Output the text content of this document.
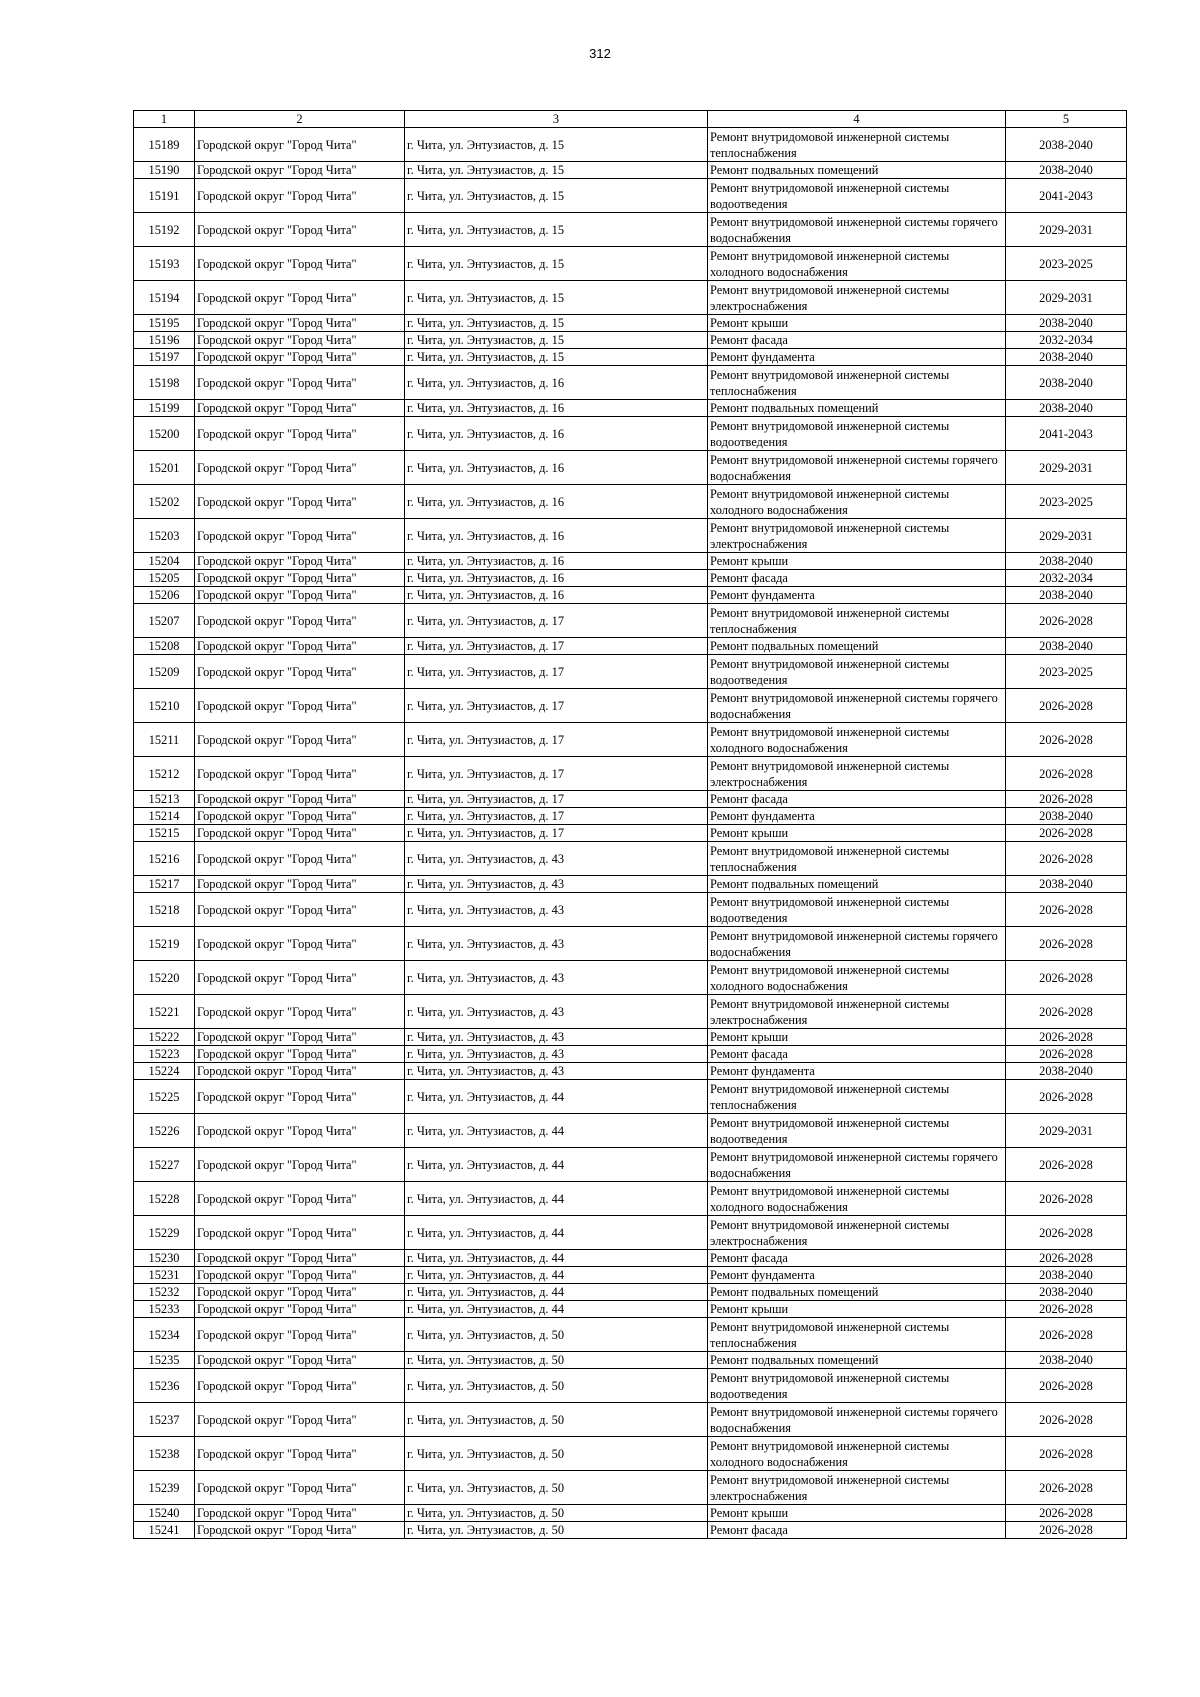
312
1	2	3	4	5
15189	Городской округ "Город Чита"	г. Чита, ул. Энтузиастов, д. 15	Ремонт внутридомовой инженерной системы теплоснабжения	2038-2040
15190	Городской округ "Город Чита"	г. Чита, ул. Энтузиастов, д. 15	Ремонт подвальных помещений	2038-2040
15191	Городской округ "Город Чита"	г. Чита, ул. Энтузиастов, д. 15	Ремонт внутридомовой инженерной системы водоотведения	2041-2043
15192	Городской округ "Город Чита"	г. Чита, ул. Энтузиастов, д. 15	Ремонт внутридомовой инженерной системы горячего водоснабжения	2029-2031
15193	Городской округ "Город Чита"	г. Чита, ул. Энтузиастов, д. 15	Ремонт внутридомовой инженерной системы холодного водоснабжения	2023-2025
15194	Городской округ "Город Чита"	г. Чита, ул. Энтузиастов, д. 15	Ремонт внутридомовой инженерной системы электроснабжения	2029-2031
15195	Городской округ "Город Чита"	г. Чита, ул. Энтузиастов, д. 15	Ремонт крыши	2038-2040
15196	Городской округ "Город Чита"	г. Чита, ул. Энтузиастов, д. 15	Ремонт фасада	2032-2034
15197	Городской округ "Город Чита"	г. Чита, ул. Энтузиастов, д. 15	Ремонт фундамента	2038-2040
15198	Городской округ "Город Чита"	г. Чита, ул. Энтузиастов, д. 16	Ремонт внутридомовой инженерной системы теплоснабжения	2038-2040
15199	Городской округ "Город Чита"	г. Чита, ул. Энтузиастов, д. 16	Ремонт подвальных помещений	2038-2040
15200	Городской округ "Город Чита"	г. Чита, ул. Энтузиастов, д. 16	Ремонт внутридомовой инженерной системы водоотведения	2041-2043
15201	Городской округ "Город Чита"	г. Чита, ул. Энтузиастов, д. 16	Ремонт внутридомовой инженерной системы горячего водоснабжения	2029-2031
15202	Городской округ "Город Чита"	г. Чита, ул. Энтузиастов, д. 16	Ремонт внутридомовой инженерной системы холодного водоснабжения	2023-2025
15203	Городской округ "Город Чита"	г. Чита, ул. Энтузиастов, д. 16	Ремонт внутридомовой инженерной системы электроснабжения	2029-2031
15204	Городской округ "Город Чита"	г. Чита, ул. Энтузиастов, д. 16	Ремонт крыши	2038-2040
15205	Городской округ "Город Чита"	г. Чита, ул. Энтузиастов, д. 16	Ремонт фасада	2032-2034
15206	Городской округ "Город Чита"	г. Чита, ул. Энтузиастов, д. 16	Ремонт фундамента	2038-2040
15207	Городской округ "Город Чита"	г. Чита, ул. Энтузиастов, д. 17	Ремонт внутридомовой инженерной системы теплоснабжения	2026-2028
15208	Городской округ "Город Чита"	г. Чита, ул. Энтузиастов, д. 17	Ремонт подвальных помещений	2038-2040
15209	Городской округ "Город Чита"	г. Чита, ул. Энтузиастов, д. 17	Ремонт внутридомовой инженерной системы водоотведения	2023-2025
15210	Городской округ "Город Чита"	г. Чита, ул. Энтузиастов, д. 17	Ремонт внутридомовой инженерной системы горячего водоснабжения	2026-2028
15211	Городской округ "Город Чита"	г. Чита, ул. Энтузиастов, д. 17	Ремонт внутридомовой инженерной системы холодного водоснабжения	2026-2028
15212	Городской округ "Город Чита"	г. Чита, ул. Энтузиастов, д. 17	Ремонт внутридомовой инженерной системы электроснабжения	2026-2028
15213	Городской округ "Город Чита"	г. Чита, ул. Энтузиастов, д. 17	Ремонт фасада	2026-2028
15214	Городской округ "Город Чита"	г. Чита, ул. Энтузиастов, д. 17	Ремонт фундамента	2038-2040
15215	Городской округ "Город Чита"	г. Чита, ул. Энтузиастов, д. 17	Ремонт крыши	2026-2028
15216	Городской округ "Город Чита"	г. Чита, ул. Энтузиастов, д. 43	Ремонт внутридомовой инженерной системы теплоснабжения	2026-2028
15217	Городской округ "Город Чита"	г. Чита, ул. Энтузиастов, д. 43	Ремонт подвальных помещений	2038-2040
15218	Городской округ "Город Чита"	г. Чита, ул. Энтузиастов, д. 43	Ремонт внутридомовой инженерной системы водоотведения	2026-2028
15219	Городской округ "Город Чита"	г. Чита, ул. Энтузиастов, д. 43	Ремонт внутридомовой инженерной системы горячего водоснабжения	2026-2028
15220	Городской округ "Город Чита"	г. Чита, ул. Энтузиастов, д. 43	Ремонт внутридомовой инженерной системы холодного водоснабжения	2026-2028
15221	Городской округ "Город Чита"	г. Чита, ул. Энтузиастов, д. 43	Ремонт внутридомовой инженерной системы электроснабжения	2026-2028
15222	Городской округ "Город Чита"	г. Чита, ул. Энтузиастов, д. 43	Ремонт крыши	2026-2028
15223	Городской округ "Город Чита"	г. Чита, ул. Энтузиастов, д. 43	Ремонт фасада	2026-2028
15224	Городской округ "Город Чита"	г. Чита, ул. Энтузиастов, д. 43	Ремонт фундамента	2038-2040
15225	Городской округ "Город Чита"	г. Чита, ул. Энтузиастов, д. 44	Ремонт внутридомовой инженерной системы теплоснабжения	2026-2028
15226	Городской округ "Город Чита"	г. Чита, ул. Энтузиастов, д. 44	Ремонт внутридомовой инженерной системы водоотведения	2029-2031
15227	Городской округ "Город Чита"	г. Чита, ул. Энтузиастов, д. 44	Ремонт внутридомовой инженерной системы горячего водоснабжения	2026-2028
15228	Городской округ "Город Чита"	г. Чита, ул. Энтузиастов, д. 44	Ремонт внутридомовой инженерной системы холодного водоснабжения	2026-2028
15229	Городской округ "Город Чита"	г. Чита, ул. Энтузиастов, д. 44	Ремонт внутридомовой инженерной системы электроснабжения	2026-2028
15230	Городской округ "Город Чита"	г. Чита, ул. Энтузиастов, д. 44	Ремонт фасада	2026-2028
15231	Городской округ "Город Чита"	г. Чита, ул. Энтузиастов, д. 44	Ремонт фундамента	2038-2040
15232	Городской округ "Город Чита"	г. Чита, ул. Энтузиастов, д. 44	Ремонт подвальных помещений	2038-2040
15233	Городской округ "Город Чита"	г. Чита, ул. Энтузиастов, д. 44	Ремонт крыши	2026-2028
15234	Городской округ "Город Чита"	г. Чита, ул. Энтузиастов, д. 50	Ремонт внутридомовой инженерной системы теплоснабжения	2026-2028
15235	Городской округ "Город Чита"	г. Чита, ул. Энтузиастов, д. 50	Ремонт подвальных помещений	2038-2040
15236	Городской округ "Город Чита"	г. Чита, ул. Энтузиастов, д. 50	Ремонт внутридомовой инженерной системы водоотведения	2026-2028
15237	Городской округ "Город Чита"	г. Чита, ул. Энтузиастов, д. 50	Ремонт внутридомовой инженерной системы горячего водоснабжения	2026-2028
15238	Городской округ "Город Чита"	г. Чита, ул. Энтузиастов, д. 50	Ремонт внутридомовой инженерной системы холодного водоснабжения	2026-2028
15239	Городской округ "Город Чита"	г. Чита, ул. Энтузиастов, д. 50	Ремонт внутридомовой инженерной системы электроснабжения	2026-2028
15240	Городской округ "Город Чита"	г. Чита, ул. Энтузиастов, д. 50	Ремонт крыши	2026-2028
15241	Городской округ "Город Чита"	г. Чита, ул. Энтузиастов, д. 50	Ремонт фасада	2026-2028
